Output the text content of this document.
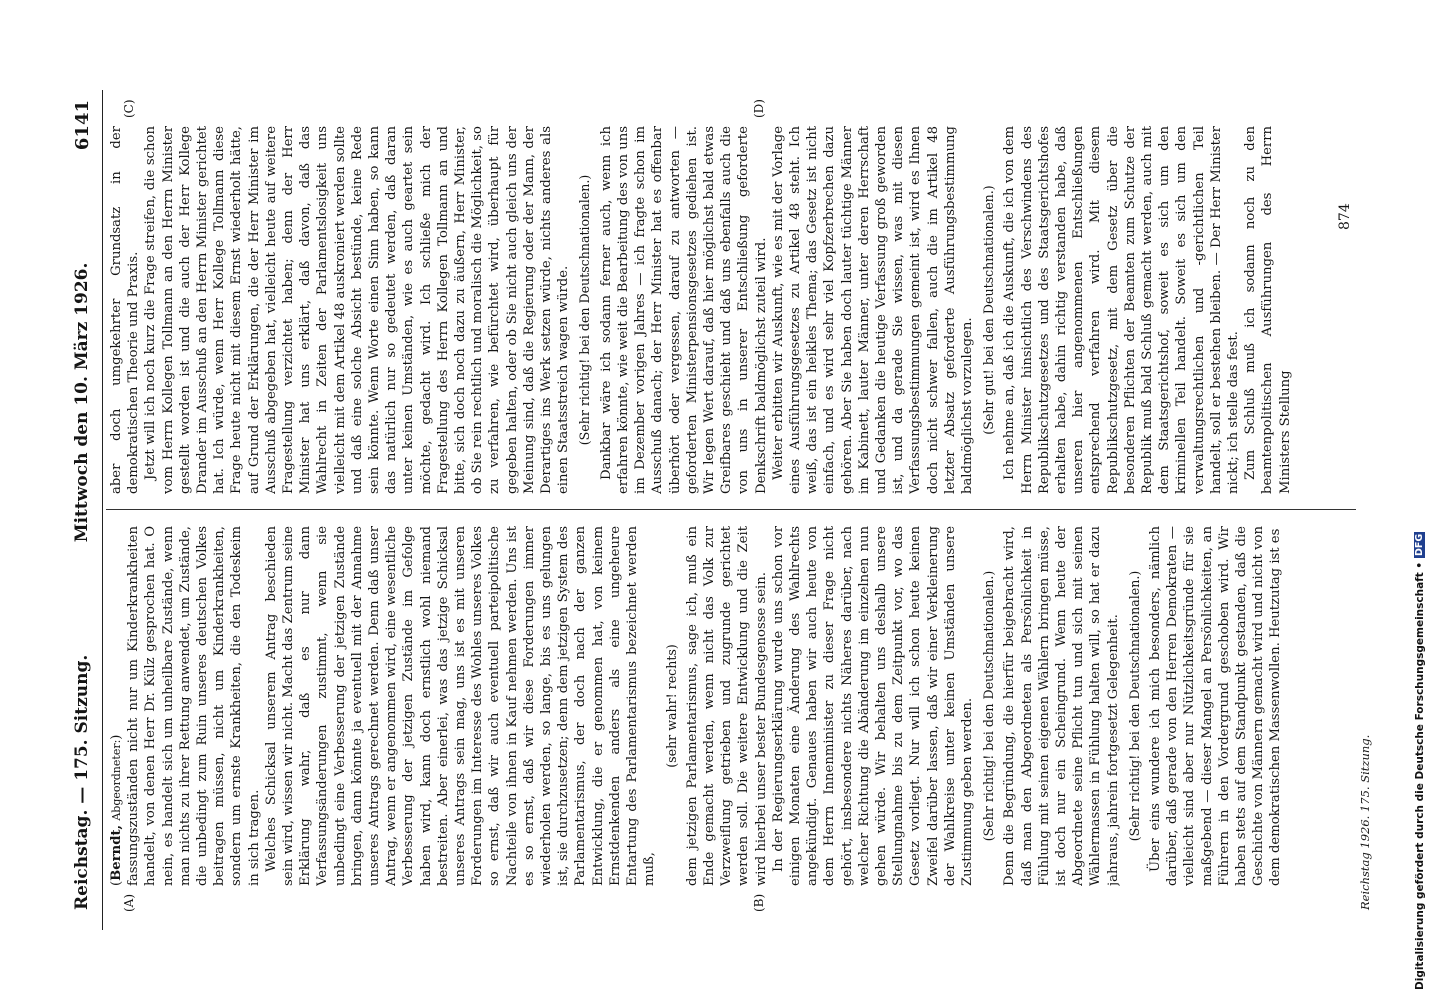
Reichstag. — 175. Sitzung.
Mittwoch den 10. März 1926.
6141
(A)	(B)
(C)	(D)

(Berndt, Abgeordneter:) fassungszuständen nicht nur um Kinderkrankheiten handelt, von denen Herr Dr. Külz gesprochen hat. O nein, es handelt sich um unheilbare Zustände, wenn man nichts zu ihrer Rettung anwendet, um Zustände, die unbedingt zum Ruin unseres deutschen Volkes beitragen müssen, nicht um Kinderkrankheiten, sondern um ernste Krankheiten, die den Todeskeim in sich tragen. Welches Schicksal unserem Antrag beschieden sein wird, wissen wir nicht. Macht das Zentrum seine Erklärung wahr, daß es nur dann Verfassungsänderungen zustimmt, wenn sie unbedingt eine Verbesserung der jetzigen Zustände bringen, dann könnte ja eventuell mit der Annahme unseres Antrags gerechnet werden. Denn daß unser Antrag, wenn er angenommen wird, eine wesentliche Verbesserung der jetzigen Zustände im Gefolge haben wird, kann doch ernstlich wohl niemand bestreiten. Aber einerlei, was das jetzige Schicksal unseres Antrags sein mag, uns ist es mit unseren Forderungen im Interesse des Wohles unseres Volkes so ernst, daß wir auch eventuell parteipolitische Nachteile von ihnen in Kauf nehmen werden. Uns ist es so ernst, daß wir diese Forderungen immer wiederholen werden, so lange, bis es uns gelungen ist, sie durchzusetzen; denn dem jetzigen System des Parlamentarismus, der doch nach der ganzen Entwicklung, die er genommen hat, von keinem Ernstdenkenden anders als eine ungeheure Entartung des Parlamentarismus bezeichnet werden muß,

(sehr wahr! rechts) dem jetzigen Parlamentarismus, sage ich, muß ein Ende gemacht werden, wenn nicht das Volk zur Verzweiflung getrieben und zugrunde gerichtet werden soll. Die weitere Entwicklung und die Zeit wird hierbei unser bester Bundesgenosse sein. In der Regierungserklärung wurde uns schon vor einigen Monaten eine Änderung des Wahlrechts angekündigt. Genaues haben wir auch heute von dem Herrn Innenminister zu dieser Frage nicht gehört, insbesondere nichts Näheres darüber, nach welcher Richtung die Abänderung im einzelnen nun gehen würde. Wir behalten uns deshalb unsere Stellungnahme bis zu dem Zeitpunkt vor, wo das Gesetz vorliegt. Nur will ich schon heute keinen Zweifel darüber lassen, daß wir einer Verkleinerung der Wahlkreise unter keinen Umständen unsere Zustimmung geben werden. (Sehr richtig! bei den Deutschnationalen.) Denn die Begründung, die hierfür beigebracht wird, daß man den Abgeordneten als Persönlichkeit in Fühlung mit seinen eigenen Wählern bringen müsse, ist doch nur ein Scheingrund. Wenn heute der Abgeordnete seine Pflicht tun und sich mit seinen Wählermassen in Fühlung halten will, so hat er dazu jahraus, jahrein fortgesetzt Gelegenheit. (Sehr richtig! bei den Deutschnationalen.) Über eins wundere ich mich besonders, nämlich darüber, daß gerade von den Herren Demokraten — vielleicht sind aber nur Nützlichkeitsgründe für sie maßgebend — dieser Mangel an Persönlichkeiten, an Führern in den Vordergrund geschoben wird. Wir haben stets auf dem Standpunkt gestanden, daß die Geschichte von Männern gemacht wird und nicht von dem demokratischen Massenwollen. Heutzutag ist es

aber doch umgekehrter Grundsatz in der demokratischen Theorie und Praxis. Jetzt will ich noch kurz die Frage streifen, die schon vom Herrn Kollegen Tollmann an den Herrn Minister gestellt worden ist und die auch der Herr Kollege Drander im Ausschuß an den Herrn Minister gerichtet hat. Ich würde, wenn Herr Kollege Tollmann diese Frage heute nicht mit diesem Ernst wiederholt hätte, auf Grund der Erklärungen, die der Herr Minister im Ausschuß abgegeben hat, vielleicht heute auf weitere Fragestellung verzichtet haben; denn der Herr Minister hat uns erklärt, daß davon, daß das Wahlrecht in Zeiten der Parlamentslosigkeit uns vielleicht mit dem Artikel 48 auskroniert werden sollte und daß eine solche Absicht bestünde, keine Rede sein könnte. Wenn Worte einen Sinn haben, so kann das natürlich nur so gedeutet werden, daß daran unter keinen Umständen, wie es auch geartet sein möchte, gedacht wird. Ich schließe mich der Fragestellung des Herrn Kollegen Tollmann an und bitte, sich doch noch dazu zu äußern, Herr Minister, ob Sie rein rechtlich und moralisch die Möglichkeit, so zu verfahren, wie befürchtet wird, überhaupt für gegeben halten, oder ob Sie nicht auch gleich uns der Meinung sind, daß die Regierung oder der Mann, der Derartiges ins Werk setzen würde, nichts anderes als einen Staatsstreich wagen würde. (Sehr richtig! bei den Deutschnationalen.) Dankbar wäre ich sodann ferner auch, wenn ich erfahren könnte, wie weit die Bearbeitung des von uns im Dezember vorigen Jahres — ich fragte schon im Ausschuß danach; der Herr Minister hat es offenbar überhört oder vergessen, darauf zu antworten — geforderten Ministerpensionsgesetzes gediehen ist. Wir legen Wert darauf, daß hier möglichst bald etwas Greifbares geschieht und daß uns ebenfalls auch die von uns in unserer Entschließung geforderte Denkschrift baldmöglichst zuteil wird. Weiter erbitten wir Auskunft, wie es mit der Vorlage eines Ausführungsgesetzes zu Artikel 48 steht. Ich weiß, das ist ein heikles Thema; das Gesetz ist nicht einfach, und es wird sehr viel Kopfzerbrechen dazu gehören. Aber Sie haben doch lauter tüchtige Männer im Kabinett, lauter Männer, unter deren Herrschaft und Gedanken die heutige Verfassung groß geworden ist, und da gerade Sie wissen, was mit diesen Verfassungsbestimmungen gemeint ist, wird es Ihnen doch nicht schwer fallen, auch die im Artikel 48 letzter Absatz geforderte Ausführungsbestimmung baldmöglichst vorzulegen. (Sehr gut! bei den Deutschnationalen.) Ich nehme an, daß ich die Auskunft, die ich von dem Herrn Minister hinsichtlich des Verschwindens des Republikschutzgesetzes und des Staatsgerichtshofes erhalten habe, dahin richtig verstanden habe, daß unseren hier angenommenen Entschließungen entsprechend verfahren wird. Mit diesem Republikschutzgesetz, mit dem Gesetz über die besonderen Pflichten der Beamten zum Schutze der Republik muß bald Schluß gemacht werden, auch mit dem Staatsgerichtshof, soweit es sich um den kriminellen Teil handelt. Soweit es sich um den verwaltungsrechtlichen und -gerichtlichen Teil handelt, soll er bestehen bleiben. — Der Herr Minister nickt; ich stelle das fest. Zum Schluß muß ich sodann noch zu den beamtenpolitischen Ausführungen des Herrn Ministers Stellung

Reichstag 1926. 175. Sitzung.
874
Digitalisierung gefördert durch die Deutsche Forschungsgemeinschaft • DFG
